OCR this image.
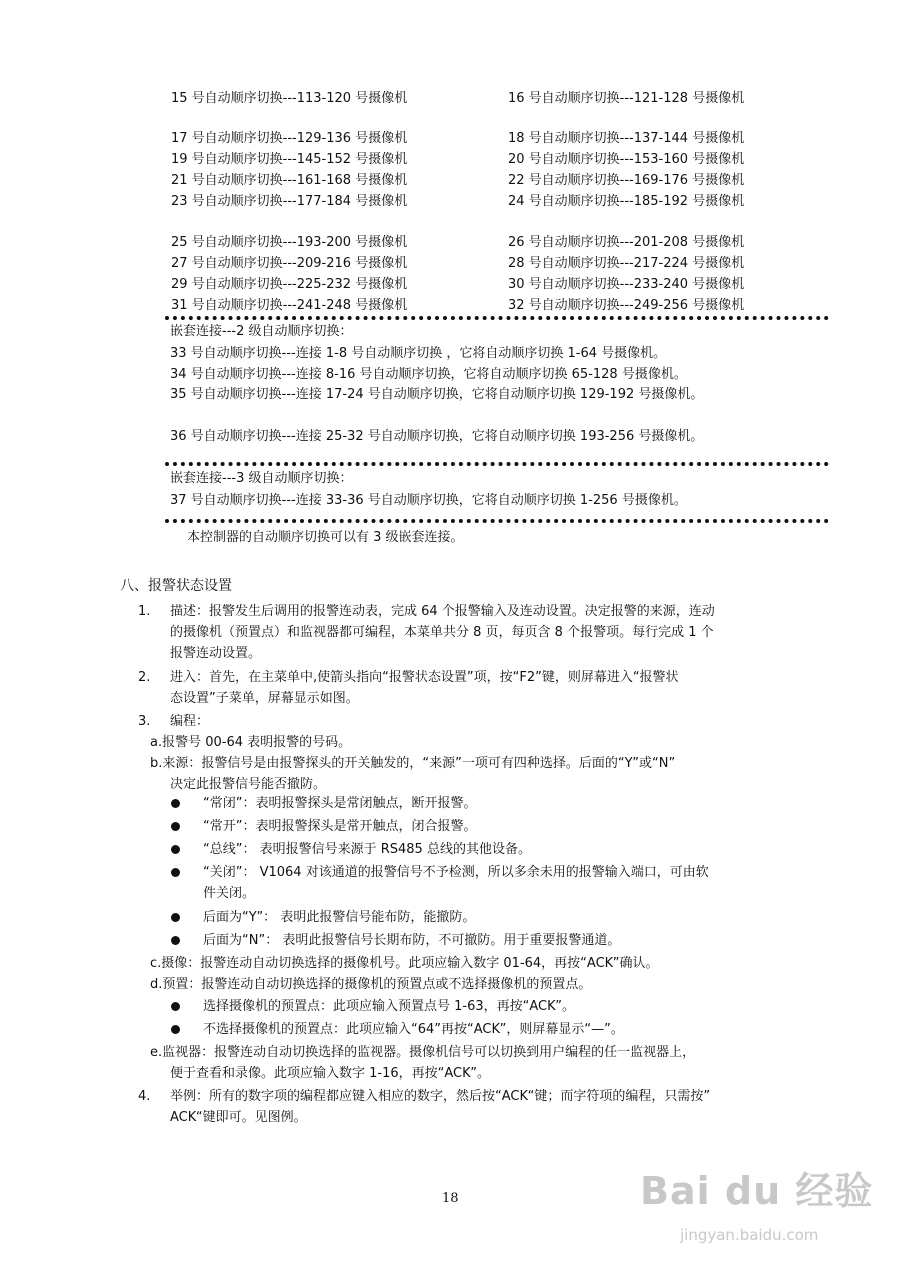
15 号自动顺序切换---113-120 号摄像机	16 号自动顺序切换---121-128 号摄像机
17 号自动顺序切换---129-136 号摄像机	18 号自动顺序切换---137-144 号摄像机
19 号自动顺序切换---145-152 号摄像机	20 号自动顺序切换---153-160 号摄像机
21 号自动顺序切换---161-168 号摄像机	22 号自动顺序切换---169-176 号摄像机
23 号自动顺序切换---177-184 号摄像机	24 号自动顺序切换---185-192 号摄像机
25 号自动顺序切换---193-200 号摄像机	26 号自动顺序切换---201-208 号摄像机
27 号自动顺序切换---209-216 号摄像机	28 号自动顺序切换---217-224 号摄像机
29 号自动顺序切换---225-232 号摄像机	30 号自动顺序切换---233-240 号摄像机
31 号自动顺序切换---241-248 号摄像机	32 号自动顺序切换---249-256 号摄像机
嵌套连接---2 级自动顺序切换：
33 号自动顺序切换---连接 1-8 号自动顺序切换 ，它将自动顺序切换 1-64 号摄像机。
34 号自动顺序切换---连接 8-16 号自动顺序切换，它将自动顺序切换 65-128 号摄像机。
35 号自动顺序切换---连接 17-24 号自动顺序切换，它将自动顺序切换 129-192 号摄像机。
36 号自动顺序切换---连接 25-32 号自动顺序切换，它将自动顺序切换 193-256 号摄像机。
嵌套连接---3 级自动顺序切换：
37 号自动顺序切换---连接 33-36 号自动顺序切换，它将自动顺序切换 1-256 号摄像机。
本控制器的自动顺序切换可以有 3 级嵌套连接。
八、报警状态设置
1. 描述：报警发生后调用的报警连动表，完成 64 个报警输入及连动设置。决定报警的来源，连动
的摄像机（预置点）和监视器都可编程，本菜单共分 8 页，每页含 8 个报警项。每行完成 1 个
报警连动设置。
2. 进入：首先，在主菜单中,使箭头指向“报警状态设置”项，按“F2”键，则屏幕进入“报警状
态设置”子菜单，屏幕显示如图。
3. 编程：
a.报警号 00-64 表明报警的号码。
b.来源：报警信号是由报警探头的开关触发的，“来源”一项可有四种选择。后面的“Y”或“N”
决定此报警信号能否撤防。
“常闭”：表明报警探头是常闭触点，断开报警。
“常开”：表明报警探头是常开触点，闭合报警。
“总线”： 表明报警信号来源于 RS485 总线的其他设备。
“关闭”： V1064 对该通道的报警信号不予检测，所以多余未用的报警输入端口，可由软
件关闭。
后面为“Y”： 表明此报警信号能布防，能撤防。
后面为“N”： 表明此报警信号长期布防，不可撤防。用于重要报警通道。
c.摄像：报警连动自动切换选择的摄像机号。此项应输入数字 01-64，再按“ACK”确认。
d.预置：报警连动自动切换选择的摄像机的预置点或不选择摄像机的预置点。
选择摄像机的预置点：此项应输入预置点号 1-63，再按“ACK”。
不选择摄像机的预置点：此项应输入“64”再按“ACK”，则屏幕显示“—”。
e.监视器：报警连动自动切换选择的监视器。摄像机信号可以切换到用户编程的任一监视器上，
便于查看和录像。此项应输入数字 1-16，再按“ACK”。
4. 举例：所有的数字项的编程都应键入相应的数字，然后按“ACK“键；而字符项的编程，只需按”
ACK“键即可。见图例。
18	Bai du 经验
jingyan.baidu.com
